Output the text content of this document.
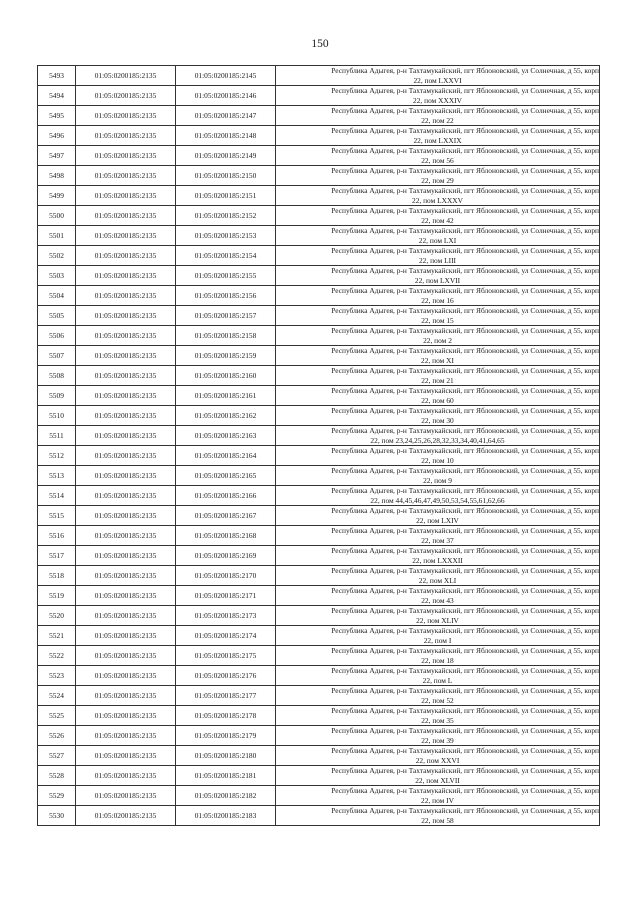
150
5493	01:05:0200185:2135	01:05:0200185:2145	Республика Адыгея, р-н Тахтамукайский, пгт Яблоновский, ул Солнечная, д 55, корп
22, пом LXXVI

5494	01:05:0200185:2135	01:05:0200185:2146	Республика Адыгея, р-н Тахтамукайский, пгт Яблоновский, ул Солнечная, д 55, корп
22, пом XXXIV

5495	01:05:0200185:2135	01:05:0200185:2147	Республика Адыгея, р-н Тахтамукайский, пгт Яблоновский, ул Солнечная, д 55, корп
22, пом 22

5496	01:05:0200185:2135	01:05:0200185:2148	Республика Адыгея, р-н Тахтамукайский, пгт Яблоновский, ул Солнечная, д 55, корп
22, пом LXXIX

5497	01:05:0200185:2135	01:05:0200185:2149	Республика Адыгея, р-н Тахтамукайский, пгт Яблоновский, ул Солнечная, д 55, корп
22, пом 56

5498	01:05:0200185:2135	01:05:0200185:2150	Республика Адыгея, р-н Тахтамукайский, пгт Яблоновский, ул Солнечная, д 55, корп
22, пом 29

5499	01:05:0200185:2135	01:05:0200185:2151	Республика Адыгея, р-н Тахтамукайский, пгт Яблоновский, ул Солнечная, д 55, корп
22, пом LXXXV

5500	01:05:0200185:2135	01:05:0200185:2152	Республика Адыгея, р-н Тахтамукайский, пгт Яблоновский, ул Солнечная, д 55, корп
22, пом 42

5501	01:05:0200185:2135	01:05:0200185:2153	Республика Адыгея, р-н Тахтамукайский, пгт Яблоновский, ул Солнечная, д 55, корп
22, пом LXI

5502	01:05:0200185:2135	01:05:0200185:2154	Республика Адыгея, р-н Тахтамукайский, пгт Яблоновский, ул Солнечная, д 55, корп
22, пом LIII

5503	01:05:0200185:2135	01:05:0200185:2155	Республика Адыгея, р-н Тахтамукайский, пгт Яблоновский, ул Солнечная, д 55, корп
22, пом LXVII

5504	01:05:0200185:2135	01:05:0200185:2156	Республика Адыгея, р-н Тахтамукайский, пгт Яблоновский, ул Солнечная, д 55, корп
22, пом 16

5505	01:05:0200185:2135	01:05:0200185:2157	Республика Адыгея, р-н Тахтамукайский, пгт Яблоновский, ул Солнечная, д 55, корп
22, пом 15

5506	01:05:0200185:2135	01:05:0200185:2158	Республика Адыгея, р-н Тахтамукайский, пгт Яблоновский, ул Солнечная, д 55, корп
22, пом 2

5507	01:05:0200185:2135	01:05:0200185:2159	Республика Адыгея, р-н Тахтамукайский, пгт Яблоновский, ул Солнечная, д 55, корп
22, пом XI

5508	01:05:0200185:2135	01:05:0200185:2160	Республика Адыгея, р-н Тахтамукайский, пгт Яблоновский, ул Солнечная, д 55, корп
22, пом 21

5509	01:05:0200185:2135	01:05:0200185:2161	Республика Адыгея, р-н Тахтамукайский, пгт Яблоновский, ул Солнечная, д 55, корп
22, пом 60

5510	01:05:0200185:2135	01:05:0200185:2162	Республика Адыгея, р-н Тахтамукайский, пгт Яблоновский, ул Солнечная, д 55, корп
22, пом 30

5511	01:05:0200185:2135	01:05:0200185:2163	Республика Адыгея, р-н Тахтамукайский, пгт Яблоновский, ул Солнечная, д 55, корп
22, пом 23,24,25,26,28,32,33,34,40,41,64,65

5512	01:05:0200185:2135	01:05:0200185:2164	Республика Адыгея, р-н Тахтамукайский, пгт Яблоновский, ул Солнечная, д 55, корп
22, пом 10

5513	01:05:0200185:2135	01:05:0200185:2165	Республика Адыгея, р-н Тахтамукайский, пгт Яблоновский, ул Солнечная, д 55, корп
22, пом 9

5514	01:05:0200185:2135	01:05:0200185:2166	Республика Адыгея, р-н Тахтамукайский, пгт Яблоновский, ул Солнечная, д 55, корп
22, пом 44,45,46,47,49,50,53,54,55,61,62,66

5515	01:05:0200185:2135	01:05:0200185:2167	Республика Адыгея, р-н Тахтамукайский, пгт Яблоновский, ул Солнечная, д 55, корп
22, пом LXIV

5516	01:05:0200185:2135	01:05:0200185:2168	Республика Адыгея, р-н Тахтамукайский, пгт Яблоновский, ул Солнечная, д 55, корп
22, пом 37

5517	01:05:0200185:2135	01:05:0200185:2169	Республика Адыгея, р-н Тахтамукайский, пгт Яблоновский, ул Солнечная, д 55, корп
22, пом LXXXII

5518	01:05:0200185:2135	01:05:0200185:2170	Республика Адыгея, р-н Тахтамукайский, пгт Яблоновский, ул Солнечная, д 55, корп
22, пом XLI

5519	01:05:0200185:2135	01:05:0200185:2171	Республика Адыгея, р-н Тахтамукайский, пгт Яблоновский, ул Солнечная, д 55, корп
22, пом 43

5520	01:05:0200185:2135	01:05:0200185:2173	Республика Адыгея, р-н Тахтамукайский, пгт Яблоновский, ул Солнечная, д 55, корп
22, пом XLIV

5521	01:05:0200185:2135	01:05:0200185:2174	Республика Адыгея, р-н Тахтамукайский, пгт Яблоновский, ул Солнечная, д 55, корп
22, пом I

5522	01:05:0200185:2135	01:05:0200185:2175	Республика Адыгея, р-н Тахтамукайский, пгт Яблоновский, ул Солнечная, д 55, корп
22, пом 18

5523	01:05:0200185:2135	01:05:0200185:2176	Республика Адыгея, р-н Тахтамукайский, пгт Яблоновский, ул Солнечная, д 55, корп
22, пом L

5524	01:05:0200185:2135	01:05:0200185:2177	Республика Адыгея, р-н Тахтамукайский, пгт Яблоновский, ул Солнечная, д 55, корп
22, пом 52

5525	01:05:0200185:2135	01:05:0200185:2178	Республика Адыгея, р-н Тахтамукайский, пгт Яблоновский, ул Солнечная, д 55, корп
22, пом 35

5526	01:05:0200185:2135	01:05:0200185:2179	Республика Адыгея, р-н Тахтамукайский, пгт Яблоновский, ул Солнечная, д 55, корп
22, пом 39

5527	01:05:0200185:2135	01:05:0200185:2180	Республика Адыгея, р-н Тахтамукайский, пгт Яблоновский, ул Солнечная, д 55, корп
22, пом XXVI

5528	01:05:0200185:2135	01:05:0200185:2181	Республика Адыгея, р-н Тахтамукайский, пгт Яблоновский, ул Солнечная, д 55, корп
22, пом XLVII

5529	01:05:0200185:2135	01:05:0200185:2182	Республика Адыгея, р-н Тахтамукайский, пгт Яблоновский, ул Солнечная, д 55, корп
22, пом IV

5530	01:05:0200185:2135	01:05:0200185:2183	Республика Адыгея, р-н Тахтамукайский, пгт Яблоновский, ул Солнечная, д 55, корп
22, пом 58
